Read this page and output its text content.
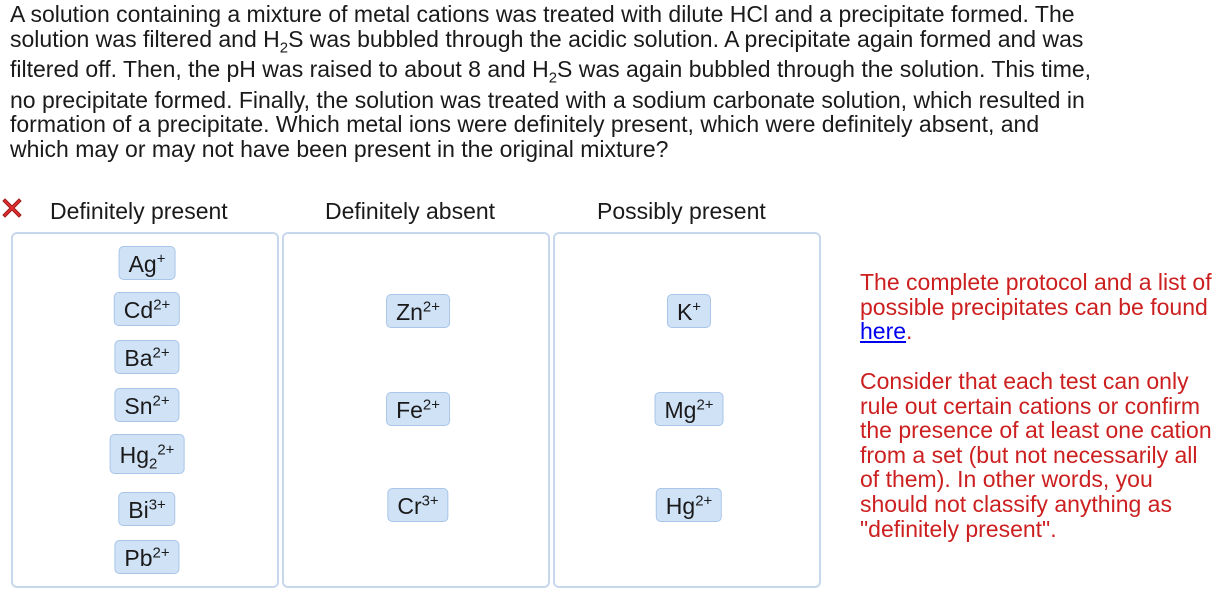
A solution containing a mixture of metal cations was treated with dilute HCl and a precipitate formed. The
solution was filtered and $H_2S$ was bubbled through the acidic solution. A precipitate again formed and was
filtered off. Then, the pH was raised to about 8 and $H_2S$ was again bubbled through the solution. This time,
no precipitate formed. Finally, the solution was treated with a sodium carbonate solution, which resulted in
formation of a precipitate. Which metal ions were definitely present, which were definitely absent, and
which may or may not have been present in the original mixture?
Definitely present	Definitely absent	Possibly present
Ag+
$Cd^{2+}$
$Ba^{2+}$
$Sn^{2+}$
$Hg_2^{2+}$
$Bi^{3+}$
$Pb^{2+}$
$Zn^{2+}$
$Fe^{2+}$
$Cr^{3+}$
K+
$Mg^{2+}$
$Hg^{2+}$
The complete protocol and a list of possible precipitates can be found here.
Consider that each test can only rule out certain cations or confirm the presence of at least one cation from a set (but not necessarily all of them). In other words, you should not classify anything as "definitely present".
